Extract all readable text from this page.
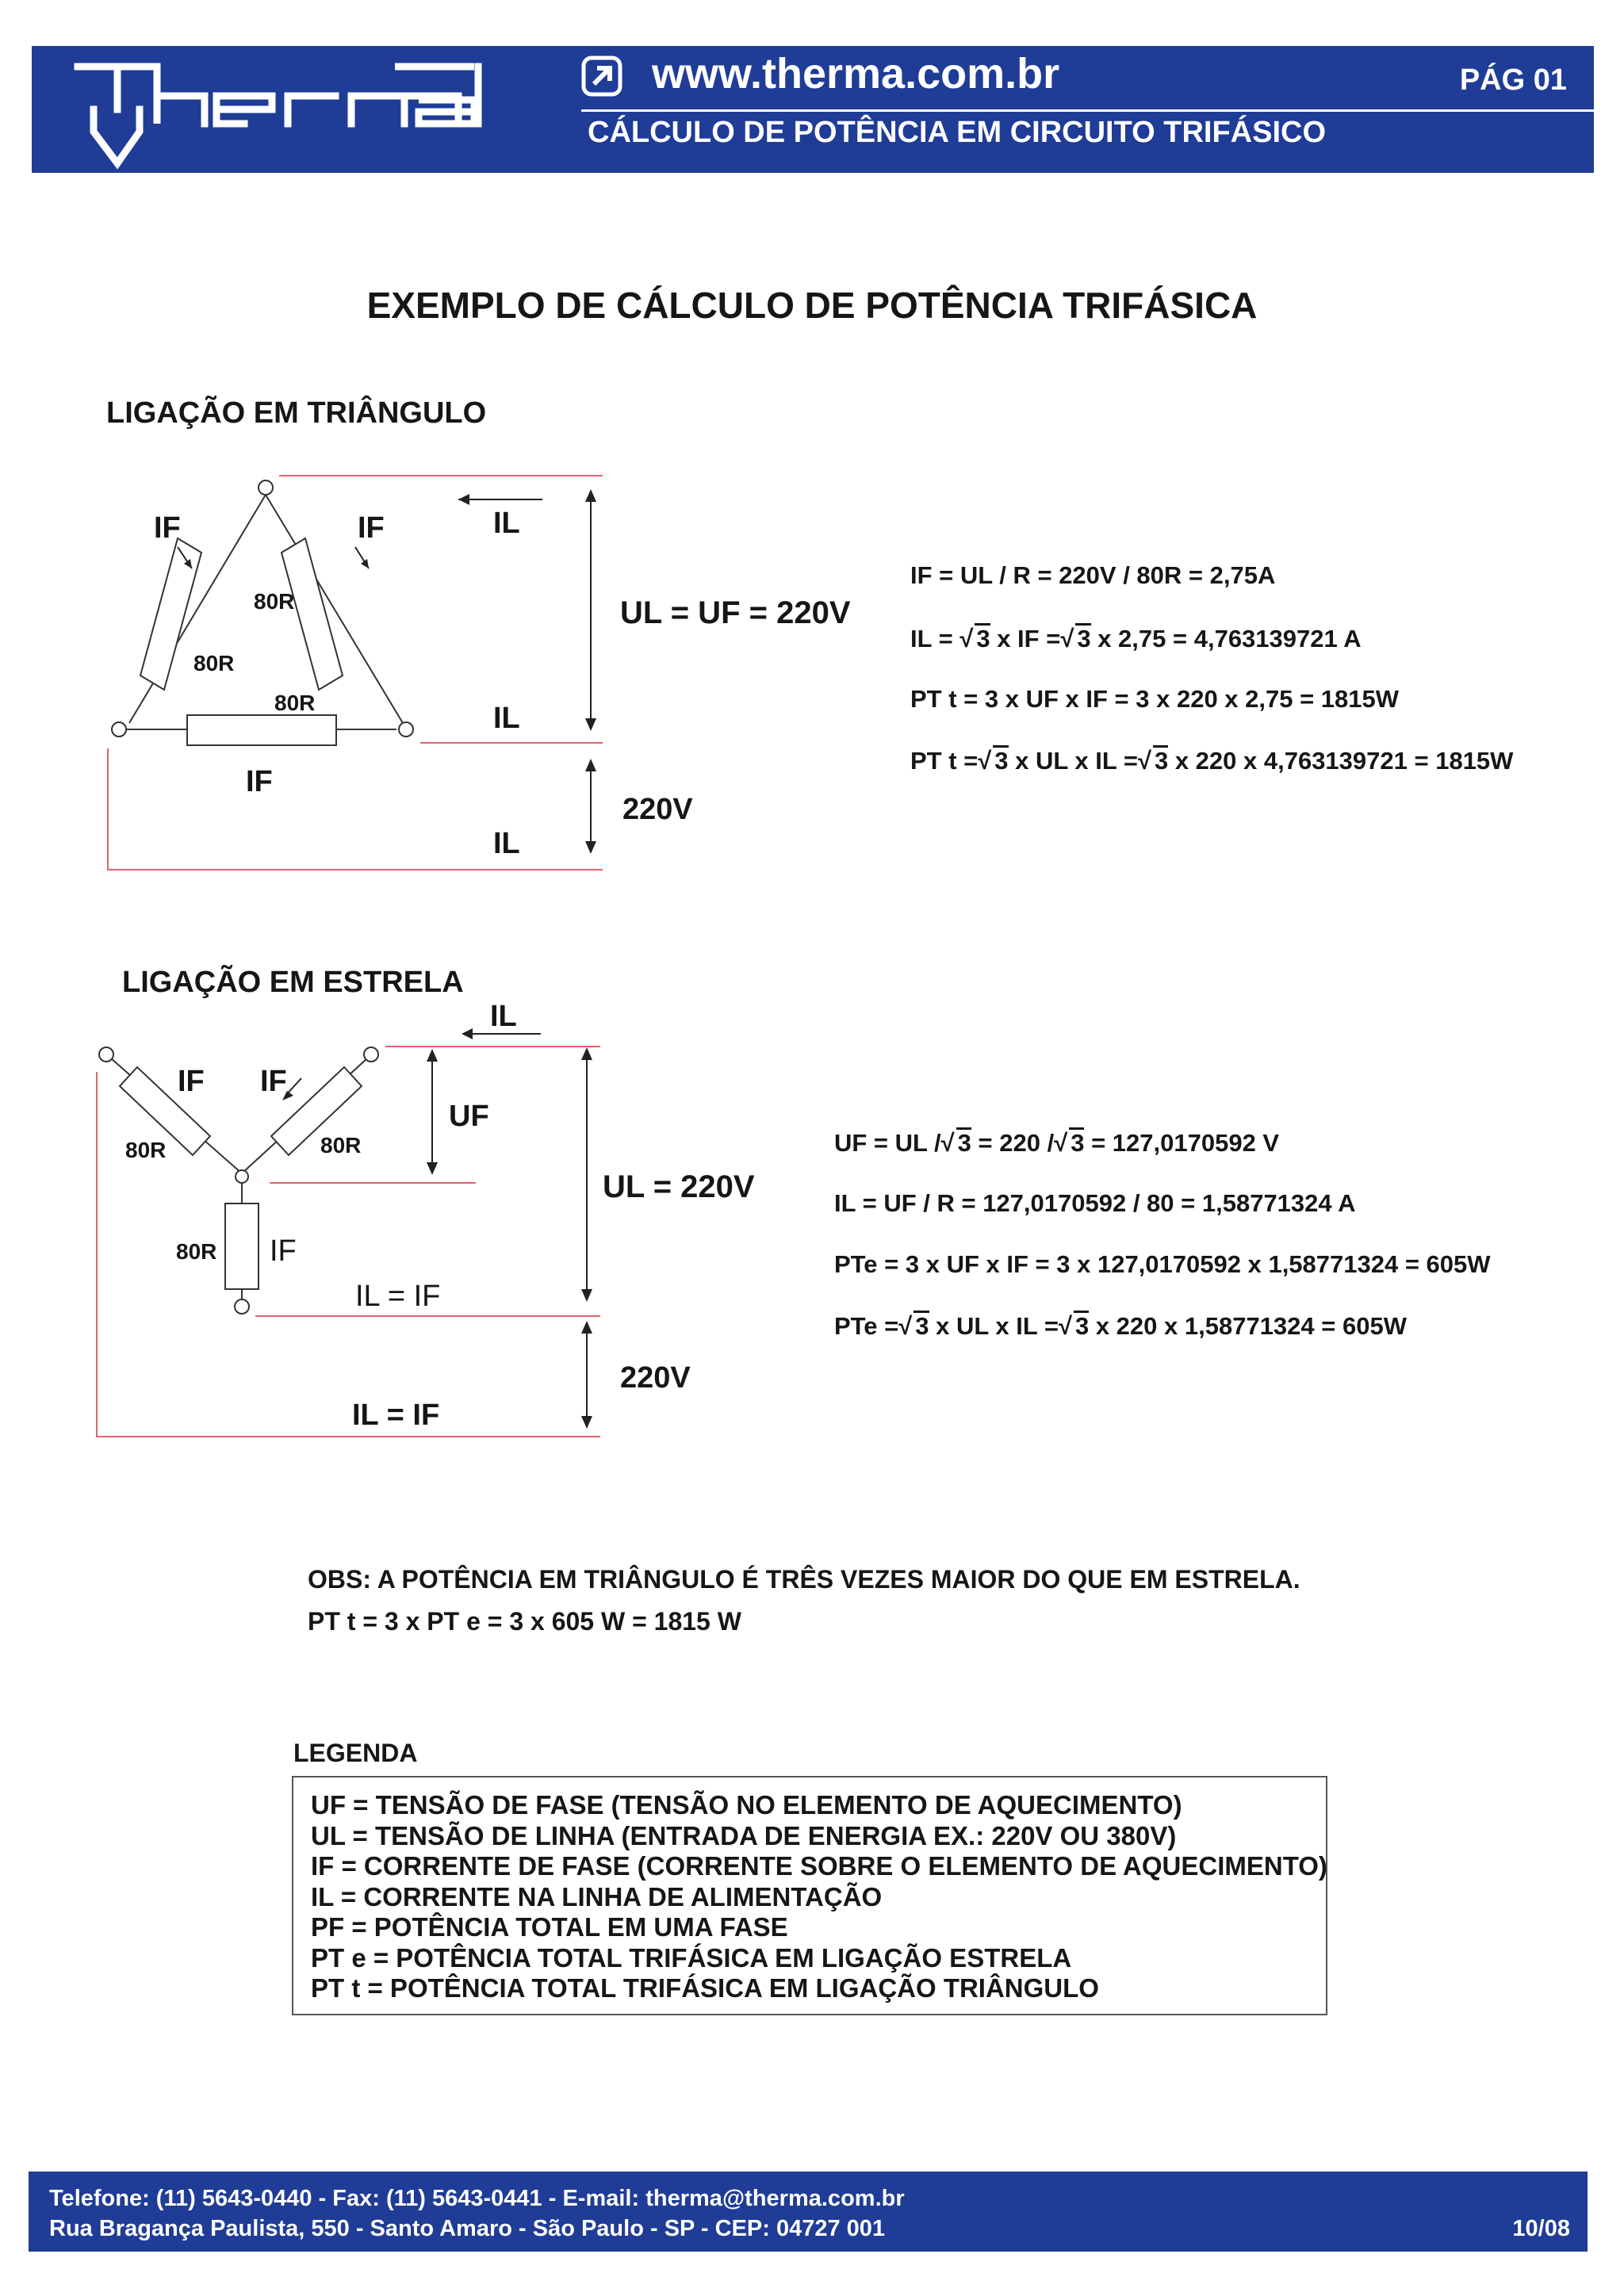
www.therma.com.br	PÁG 01
CÁLCULO DE POTÊNCIA EM CIRCUITO TRIFÁSICO
EXEMPLO DE CÁLCULO DE POTÊNCIA TRIFÁSICA
LIGAÇÃO EM TRIÂNGULO
IF	IF
IF
80R
80R
80R
IL
IL
IL
UL = UF = 220V
220V
IF = UL / R = 220V / 80R = 2,75A
IL = √ 3 x IF =√ 3 x 2,75 = 4,763139721 A
PT t = 3 x UF x IF = 3 x 220 x 2,75 = 1815W
PT t =√ 3 x UL x IL =√ 3 x 220 x 4,763139721 = 1815W
LIGAÇÃO EM ESTRELA
IL
IF IF
IF
80R	80R
80R
UF
IL = IF
IL = IF
UL = 220V
220V
UF = UL /√ 3 = 220 /√ 3 = 127,0170592 V
IL = UF / R = 127,0170592 / 80 = 1,58771324 A
PTe = 3 x UF x IF = 3 x 127,0170592 x 1,58771324 = 605W
PTe =√ 3 x UL x IL =√ 3 x 220 x 1,58771324 = 605W
OBS: A POTÊNCIA EM TRIÂNGULO É TRÊS VEZES MAIOR DO QUE EM ESTRELA.
PT t = 3 x PT e = 3 x 605 W = 1815 W
LEGENDA
UF = TENSÃO DE FASE (TENSÃO NO ELEMENTO DE AQUECIMENTO)
UL = TENSÃO DE LINHA (ENTRADA DE ENERGIA EX.: 220V OU 380V)
IF = CORRENTE DE FASE (CORRENTE SOBRE O ELEMENTO DE AQUECIMENTO)
IL = CORRENTE NA LINHA DE ALIMENTAÇÃO
PF = POTÊNCIA TOTAL EM UMA FASE
PT e = POTÊNCIA TOTAL TRIFÁSICA EM LIGAÇÃO ESTRELA
PT t = POTÊNCIA TOTAL TRIFÁSICA EM LIGAÇÃO TRIÂNGULO
Telefone: (11) 5643-0440 - Fax: (11) 5643-0441 - E-mail: therma@therma.com.br
Rua Bragança Paulista, 550 - Santo Amaro - São Paulo - SP - CEP: 04727 001	10/08
